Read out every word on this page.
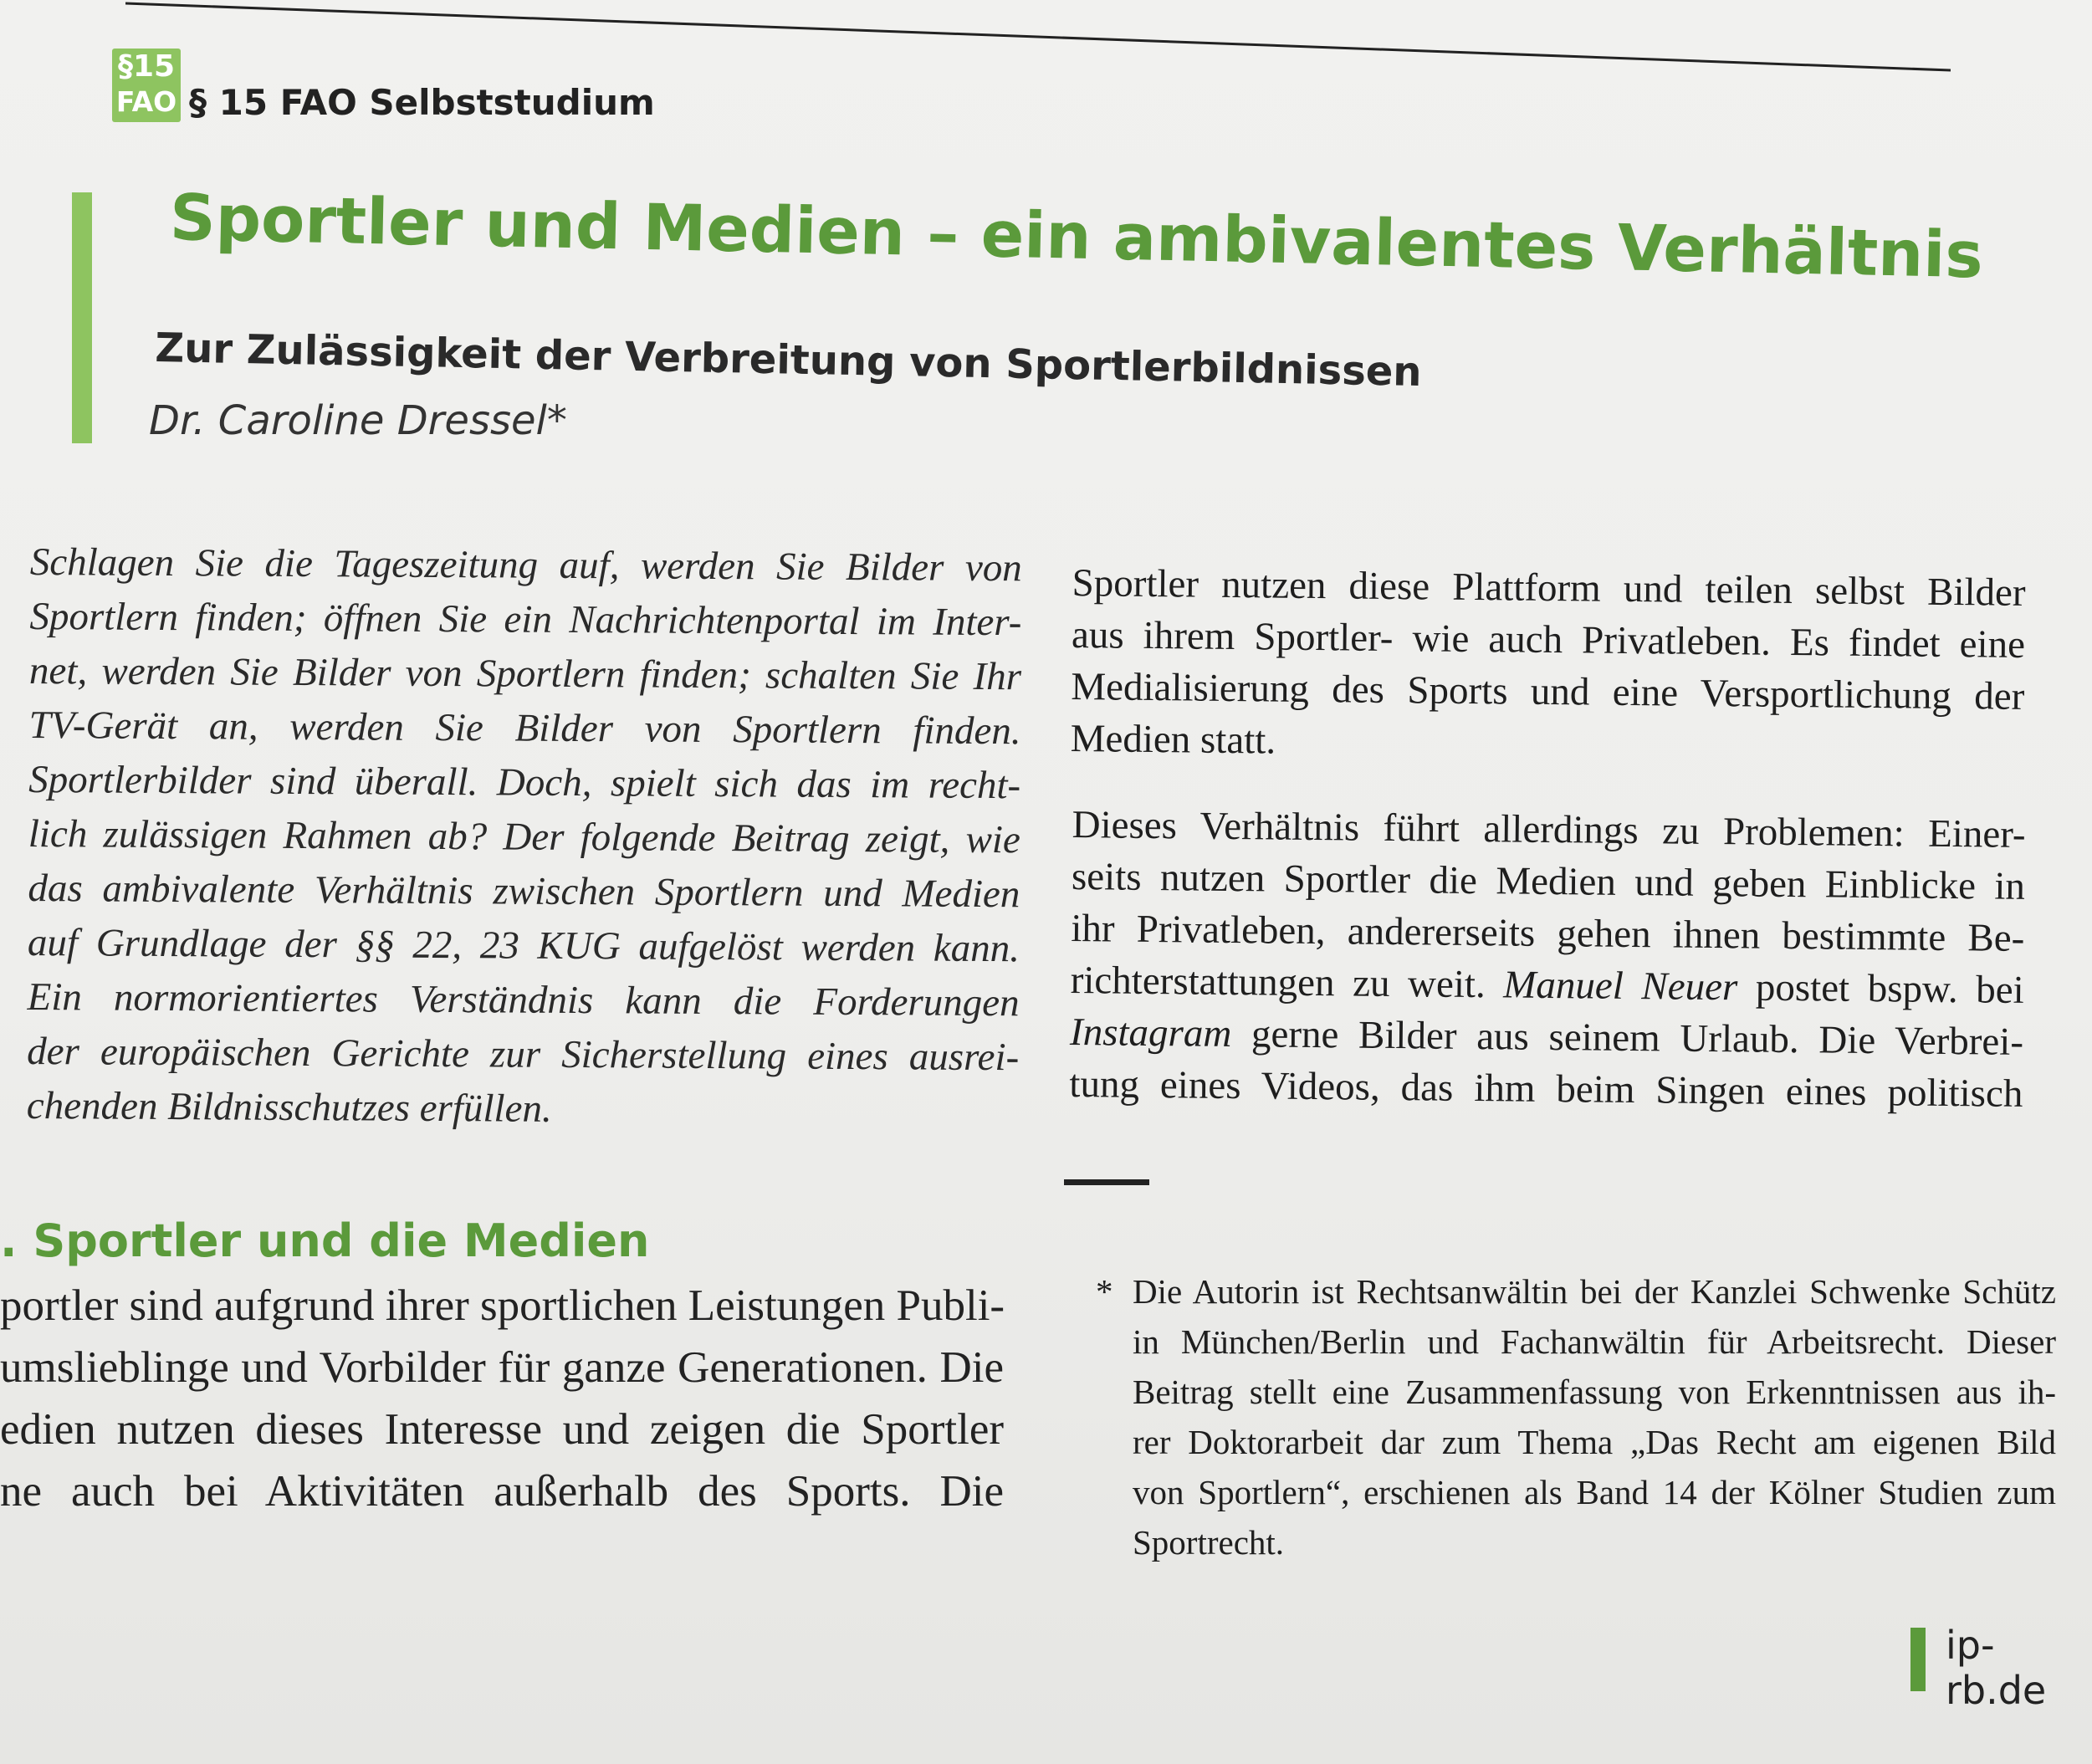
§15
FAO § 15 FAO Selbststudium
Sportler und Medien – ein ambivalentes Verhältnis
Zur Zulässigkeit der Verbreitung von Sportlerbildnissen
Dr. Caroline Dressel*
Schlagen Sie die Tageszeitung auf, werden Sie Bilder von
Sportlern finden; öffnen Sie ein Nachrichtenportal im Inter-
net, werden Sie Bilder von Sportlern finden; schalten Sie Ihr
TV-Gerät an, werden Sie Bilder von Sportlern finden.
Sportlerbilder sind überall. Doch, spielt sich das im recht-
lich zulässigen Rahmen ab? Der folgende Beitrag zeigt, wie
das ambivalente Verhältnis zwischen Sportlern und Medien
auf Grundlage der §§ 22, 23 KUG aufgelöst werden kann.
Ein normorientiertes Verständnis kann die Forderungen
der europäischen Gerichte zur Sicherstellung eines ausrei-
chenden Bildnisschutzes erfüllen.
Sportler nutzen diese Plattform und teilen selbst Bilder
aus ihrem Sportler- wie auch Privatleben. Es findet eine
Medialisierung des Sports und eine Versportlichung der
Medien statt.
Dieses Verhältnis führt allerdings zu Problemen: Einer-
seits nutzen Sportler die Medien und geben Einblicke in
ihr Privatleben, andererseits gehen ihnen bestimmte Be-
richterstattungen zu weit. Manuel Neuer postet bspw. bei
Instagram gerne Bilder aus seinem Urlaub. Die Verbrei-
tung eines Videos, das ihm beim Singen eines politisch
. Sportler und die Medien
portler sind aufgrund ihrer sportlichen Leistungen Publi-
umslieblinge und Vorbilder für ganze Generationen. Die
edien nutzen dieses Interesse und zeigen die Sportler
ne auch bei Aktivitäten außerhalb des Sports. Die
* Die Autorin ist Rechtsanwältin bei der Kanzlei Schwenke Schütz
in München/Berlin und Fachanwältin für Arbeitsrecht. Dieser
Beitrag stellt eine Zusammenfassung von Erkenntnissen aus ih-
rer Doktorarbeit dar zum Thema „Das Recht am eigenen Bild
von Sportlern“, erschienen als Band 14 der Kölner Studien zum
Sportrecht.
ip-rb.de
